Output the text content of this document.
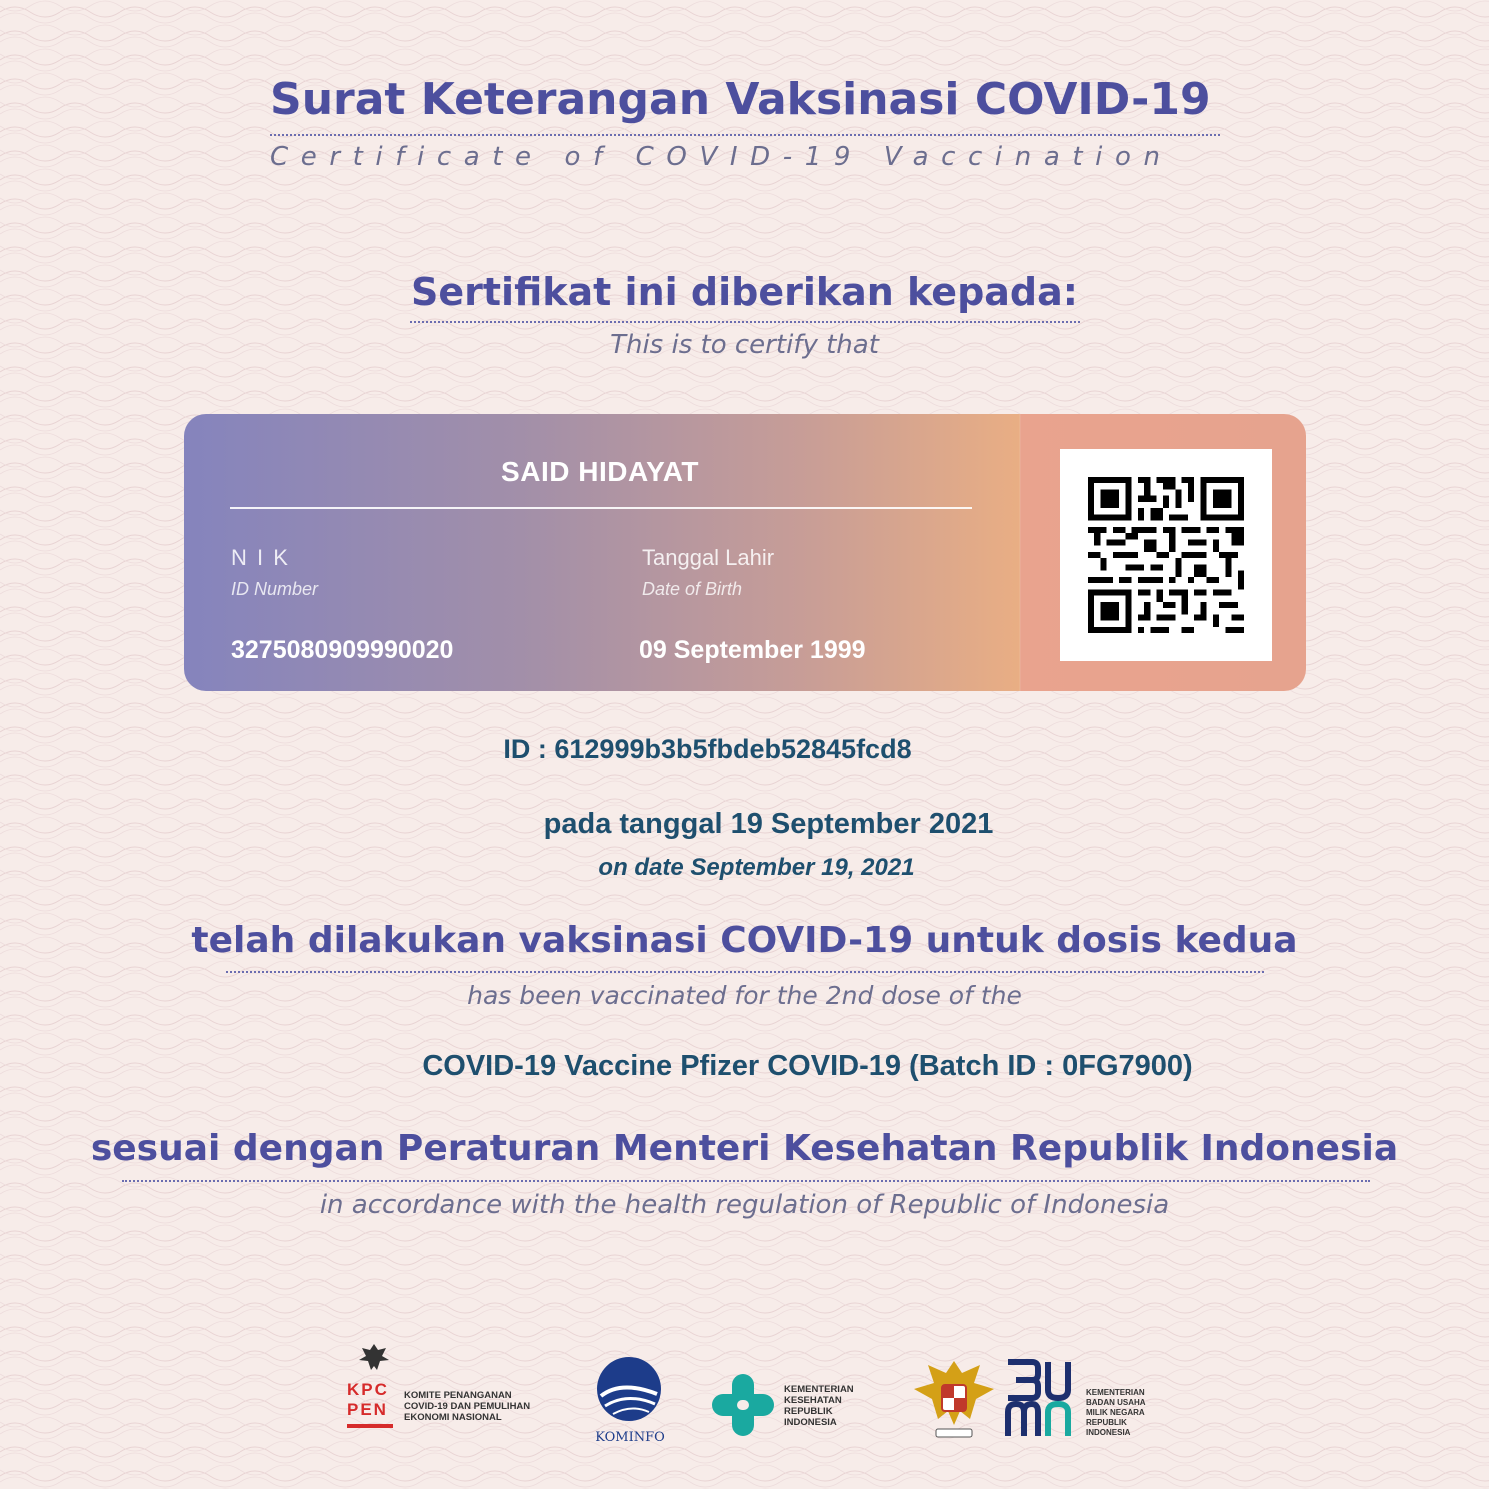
Surat Keterangan Vaksinasi COVID-19
Certificate of COVID-19 Vaccination
Sertifikat ini diberikan kepada:
This is to certify that
SAID HIDAYAT
N I K
ID Number
3275080909990020
Tanggal Lahir
Date of Birth
09 September 1999
ID : 612999b3b5fbdeb52845fcd8
pada tanggal 19 September 2021
on date September 19, 2021
telah dilakukan vaksinasi COVID-19 untuk dosis kedua
has been vaccinated for the 2nd dose of the
COVID-19 Vaccine Pfizer COVID-19 (Batch ID : 0FG7900)
sesuai dengan Peraturan Menteri Kesehatan Republik Indonesia
in accordance with the health regulation of Republic of Indonesia
KPC
PEN
KOMITE PENANGANAN
COVID-19 DAN PEMULIHAN
EKONOMI NASIONAL
KOMINFO
KEMENTERIAN
KESEHATAN
REPUBLIK
INDONESIA
KEMENTERIAN
BADAN USAHA
MILIK NEGARA
REPUBLIK
INDONESIA
